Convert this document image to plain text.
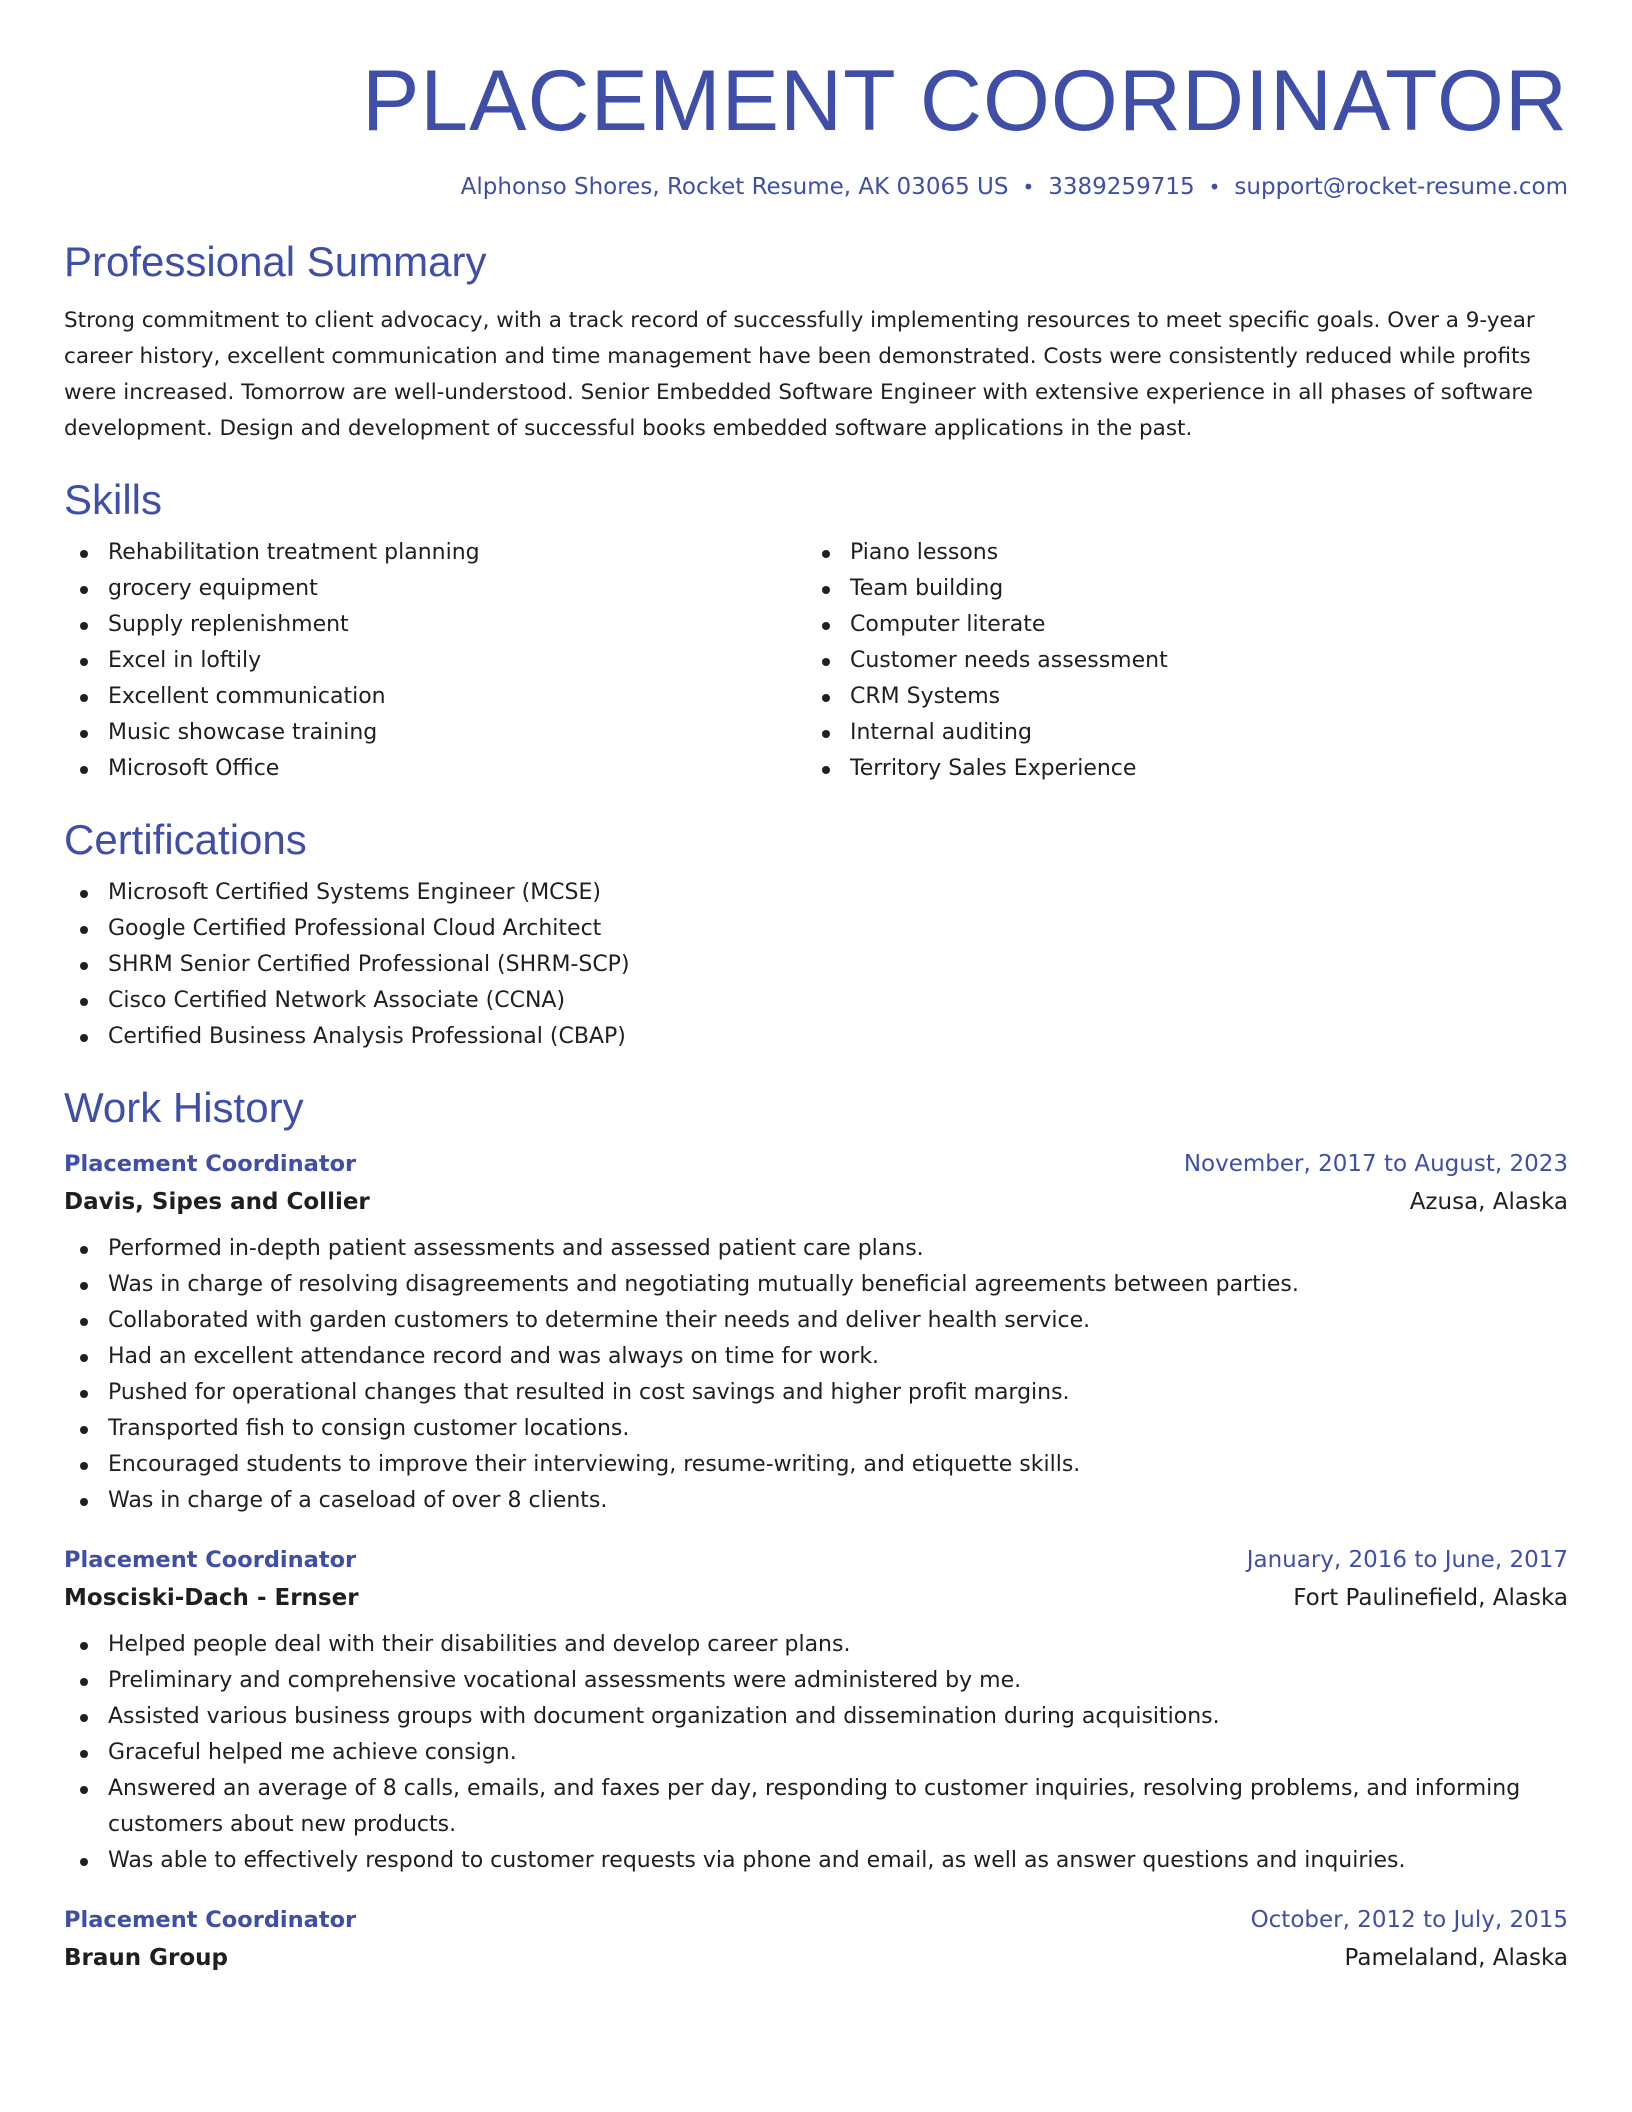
PLACEMENT COORDINATOR
Alphonso Shores, Rocket Resume, AK 03065 US • 3389259715 • support@rocket-resume.com
Professional Summary
Strong commitment to client advocacy, with a track record of successfully implementing resources to meet specific goals. Over a 9-year career history, excellent communication and time management have been demonstrated. Costs were consistently reduced while profits were increased. Tomorrow are well-understood. Senior Embedded Software Engineer with extensive experience in all phases of software development. Design and development of successful books embedded software applications in the past.
Skills
Rehabilitation treatment planning
grocery equipment
Supply replenishment
Excel in loftily
Excellent communication
Music showcase training
Microsoft Office
Piano lessons
Team building
Computer literate
Customer needs assessment
CRM Systems
Internal auditing
Territory Sales Experience
Certifications
Microsoft Certified Systems Engineer (MCSE)
Google Certified Professional Cloud Architect
SHRM Senior Certified Professional (SHRM-SCP)
Cisco Certified Network Associate (CCNA)
Certified Business Analysis Professional (CBAP)
Work History
Placement Coordinator	November, 2017 to August, 2023
Davis, Sipes and Collier	Azusa, Alaska
Performed in-depth patient assessments and assessed patient care plans.
Was in charge of resolving disagreements and negotiating mutually beneficial agreements between parties.
Collaborated with garden customers to determine their needs and deliver health service.
Had an excellent attendance record and was always on time for work.
Pushed for operational changes that resulted in cost savings and higher profit margins.
Transported fish to consign customer locations.
Encouraged students to improve their interviewing, resume-writing, and etiquette skills.
Was in charge of a caseload of over 8 clients.
Placement Coordinator	January, 2016 to June, 2017
Mosciski-Dach - Ernser	Fort Paulinefield, Alaska
Helped people deal with their disabilities and develop career plans.
Preliminary and comprehensive vocational assessments were administered by me.
Assisted various business groups with document organization and dissemination during acquisitions.
Graceful helped me achieve consign.
Answered an average of 8 calls, emails, and faxes per day, responding to customer inquiries, resolving problems, and informing customers about new products.
Was able to effectively respond to customer requests via phone and email, as well as answer questions and inquiries.
Placement Coordinator	October, 2012 to July, 2015
Braun Group	Pamelaland, Alaska
